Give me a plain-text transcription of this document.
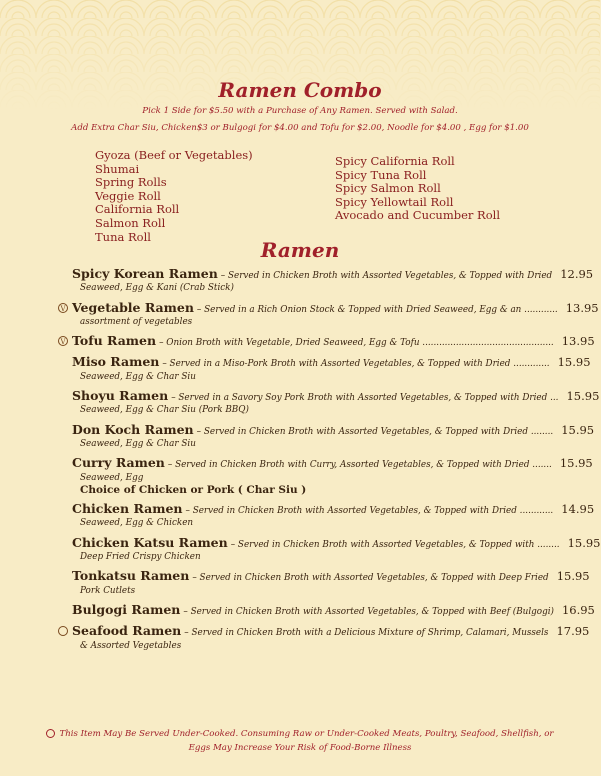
Ramen Combo
Pick 1 Side for $5.50 with a Purchase of Any Ramen. Served with Salad.
Add Extra Char Siu, Chicken$3 or Bulgogi for $4.00 and Tofu for $2.00, Noodle for $4.00 , Egg for $1.00
Gyoza (Beef or Vegetables)
Shumai
Spring Rolls
Veggie Roll
California Roll
Salmon Roll
Tuna Roll
Spicy California Roll
Spicy Tuna Roll
Spicy Salmon Roll
Spicy Yellowtail Roll
Avocado and Cucumber Roll
Ramen
Spicy Korean Ramen – Served in Chicken Broth with Assorted Vegetables, & Topped with Dried 12.95
Seaweed, Egg & Kani (Crab Stick)
V Vegetable Ramen – Served in a Rich Onion Stock & Topped with Dried Seaweed, Egg & an ............ 13.95
assortment of vegetables
V Tofu Ramen – Onion Broth with Vegetable, Dried Seaweed, Egg & Tofu ............................................... 13.95
Miso Ramen – Served in a Miso-Pork Broth with Assorted Vegetables, & Topped with Dried ............. 15.95
Seaweed, Egg & Char Siu
Shoyu Ramen – Served in a Savory Soy Pork Broth with Assorted Vegetables, & Topped with Dried ... 15.95
Seaweed, Egg & Char Siu (Pork BBQ)
Don Koch Ramen – Served in Chicken Broth with Assorted Vegetables, & Topped with Dried ........ 15.95
Seaweed, Egg & Char Siu
Curry Ramen – Served in Chicken Broth with Curry, Assorted Vegetables, & Topped with Dried ....... 15.95
Seaweed, Egg
Choice of Chicken or Pork ( Char Siu )
Chicken Ramen – Served in Chicken Broth with Assorted Vegetables, & Topped with Dried ............ 14.95
Seaweed, Egg & Chicken
Chicken Katsu Ramen – Served in Chicken Broth with Assorted Vegetables, & Topped with ........ 15.95
Deep Fried Crispy Chicken
Tonkatsu Ramen – Served in Chicken Broth with Assorted Vegetables, & Topped with Deep Fried 15.95
Pork Cutlets
Bulgogi Ramen – Served in Chicken Broth with Assorted Vegetables, & Topped with Beef (Bulgogi) 16.95
Seafood Ramen – Served in Chicken Broth with a Delicious Mixture of Shrimp, Calamari, Mussels 17.95
& Assorted Vegetables
This Item May Be Served Under-Cooked. Consuming Raw or Under-Cooked Meats, Poultry, Seafood, Shellfish, or
Eggs May Increase Your Risk of Food-Borne Illness
